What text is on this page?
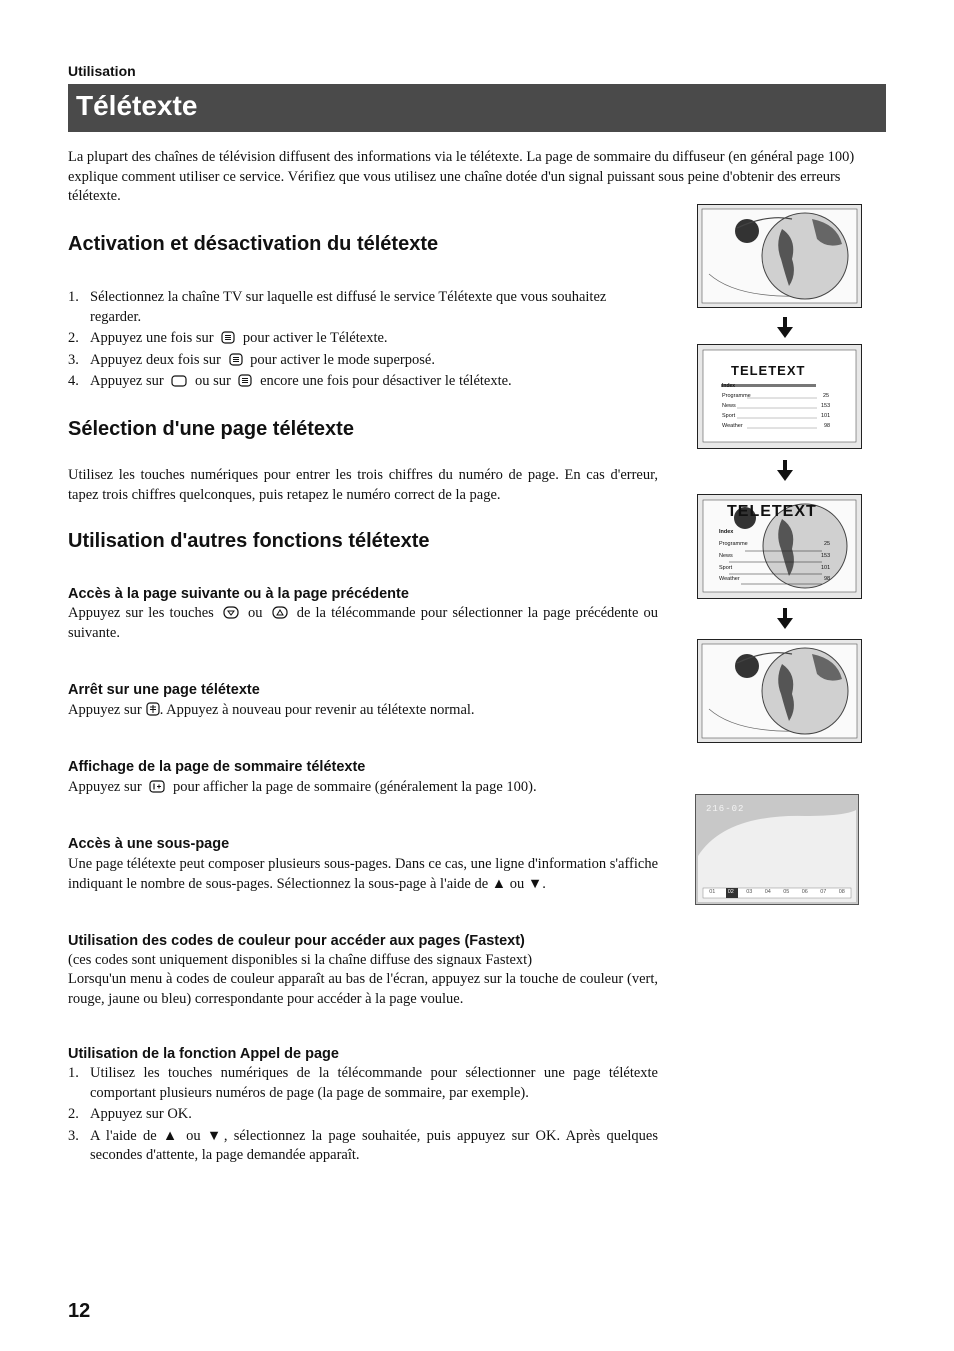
Utilisation
Télétexte
La plupart des chaînes de télévision diffusent des informations via le télétexte. La page de sommaire du diffuseur (en général page 100) explique comment utiliser ce service. Vérifiez que vous utilisez une chaîne dotée d'un signal puissant sous peine d'obtenir des erreurs télétexte.
Activation et désactivation du télétexte
1. Sélectionnez la chaîne TV sur laquelle est diffusé le service Télétexte que vous souhaitez regarder.
2. Appuyez une fois sur pour activer le Télétexte.
3. Appuyez deux fois sur pour activer le mode superposé.
4. Appuyez sur ou sur encore une fois pour désactiver le télétexte.
Sélection d'une page télétexte
Utilisez les touches numériques pour entrer les trois chiffres du numéro de page. En cas d'erreur, tapez trois chiffres quelconques, puis retapez le numéro correct de la page.
Utilisation d'autres fonctions télétexte
Accès à la page suivante ou à la page précédente
Appuyez sur les touches ou de la télécommande pour sélectionner la page précédente ou suivante.
Arrêt sur une page télétexte
Appuyez sur . Appuyez à nouveau pour revenir au télétexte normal.
Affichage de la page de sommaire télétexte
Appuyez sur pour afficher la page de sommaire (généralement la page 100).
Accès à une sous-page
Une page télétexte peut composer plusieurs sous-pages. Dans ce cas, une ligne d'information s'affiche indiquant le nombre de sous-pages. Sélectionnez la sous-page à l'aide de ▲ ou ▼.
Utilisation des codes de couleur pour accéder aux pages (Fastext)
(ces codes sont uniquement disponibles si la chaîne diffuse des signaux Fastext)
Lorsqu'un menu à codes de couleur apparaît au bas de l'écran, appuyez sur la touche de couleur (vert, rouge, jaune ou bleu) correspondante pour accéder à la page voulue.
Utilisation de la fonction Appel de page
1. Utilisez les touches numériques de la télécommande pour sélectionner une page télétexte comportant plusieurs numéros de page (la page de sommaire, par exemple).
2. Appuyez sur OK.
3. A l'aide de ▲ ou ▼, sélectionnez la page souhaitée, puis appuyez sur OK. Après quelques secondes d'attente, la page demandée apparaît.
12
TELETEXT
Index
Programme	25
News	153
Sport	101
Weather	98
TELETEXT
Index
Programme	25
News	153
Sport	101
Weather	98
216-02
01 02 03 04 05 06 07 08
